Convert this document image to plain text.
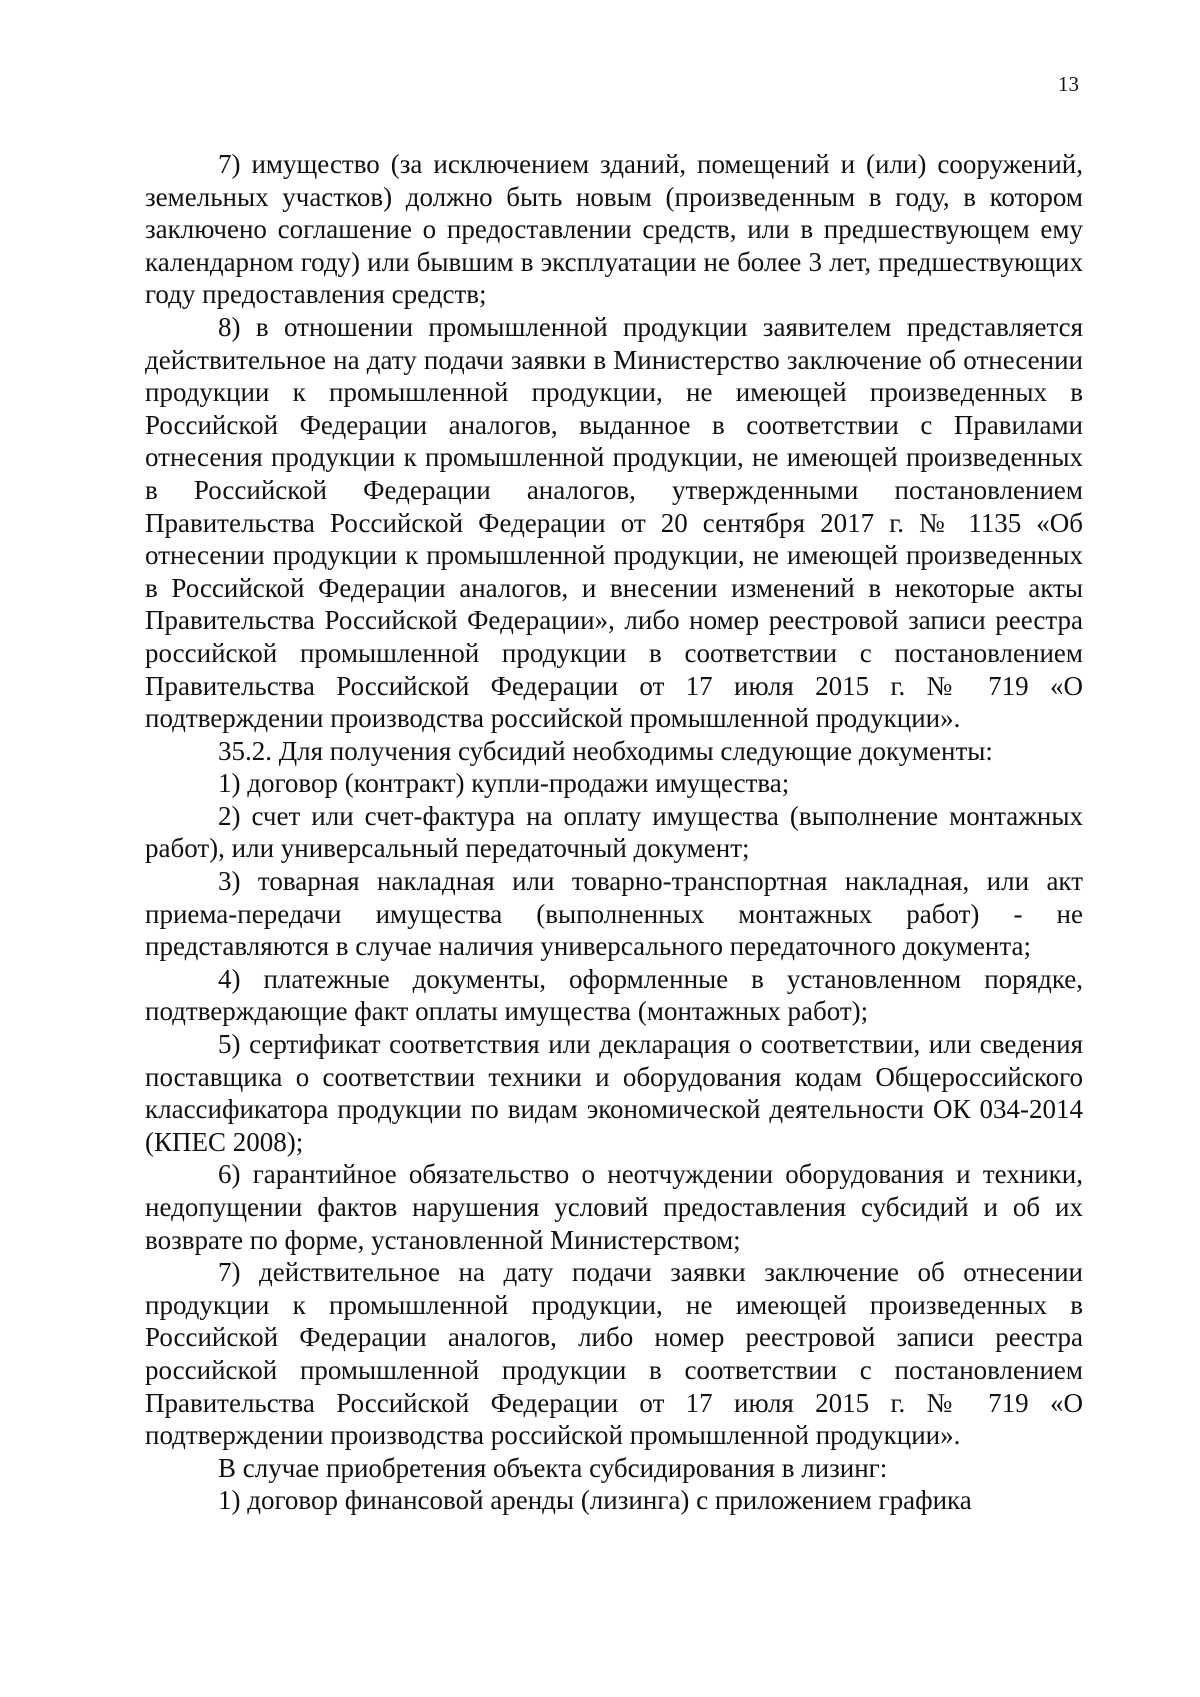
13

7) имущество (за исключением зданий, помещений и (или) сооружений, земельных участков) должно быть новым (произведенным в году, в котором заключено соглашение о предоставлении средств, или в предшествующем ему календарном году) или бывшим в эксплуатации не более 3 лет, предшествующих году предоставления средств;

8) в отношении промышленной продукции заявителем представляется действительное на дату подачи заявки в Министерство заключение об отнесении продукции к промышленной продукции, не имеющей произведенных в Российской Федерации аналогов, выданное в соответствии с Правилами отнесения продукции к промышленной продукции, не имеющей произведенных в Российской Федерации аналогов, утвержденными постановлением Правительства Российской Федерации от 20 сентября 2017 г. № 1135 «Об отнесении продукции к промышленной продукции, не имеющей произведенных в Российской Федерации аналогов, и внесении изменений в некоторые акты Правительства Российской Федерации», либо номер реестровой записи реестра российской промышленной продукции в соответствии с постановлением Правительства Российской Федерации от 17 июля 2015 г. № 719 «О подтверждении производства российской промышленной продукции».

35.2. Для получения субсидий необходимы следующие документы:

1) договор (контракт) купли-продажи имущества;

2) счет или счет-фактура на оплату имущества (выполнение монтажных работ), или универсальный передаточный документ;

3) товарная накладная или товарно-транспортная накладная, или акт приема-передачи имущества (выполненных монтажных работ) - не представляются в случае наличия универсального передаточного документа;

4) платежные документы, оформленные в установленном порядке, подтверждающие факт оплаты имущества (монтажных работ);

5) сертификат соответствия или декларация о соответствии, или сведения поставщика о соответствии техники и оборудования кодам Общероссийского классификатора продукции по видам экономической деятельности ОК 034-2014 (КПЕС 2008);

6) гарантийное обязательство о неотчуждении оборудования и техники, недопущении фактов нарушения условий предоставления субсидий и об их возврате по форме, установленной Министерством;

7) действительное на дату подачи заявки заключение об отнесении продукции к промышленной продукции, не имеющей произведенных в Российской Федерации аналогов, либо номер реестровой записи реестра российской промышленной продукции в соответствии с постановлением Правительства Российской Федерации от 17 июля 2015 г. № 719 «О подтверждении производства российской промышленной продукции».

В случае приобретения объекта субсидирования в лизинг:

1) договор финансовой аренды (лизинга) с приложением графика
